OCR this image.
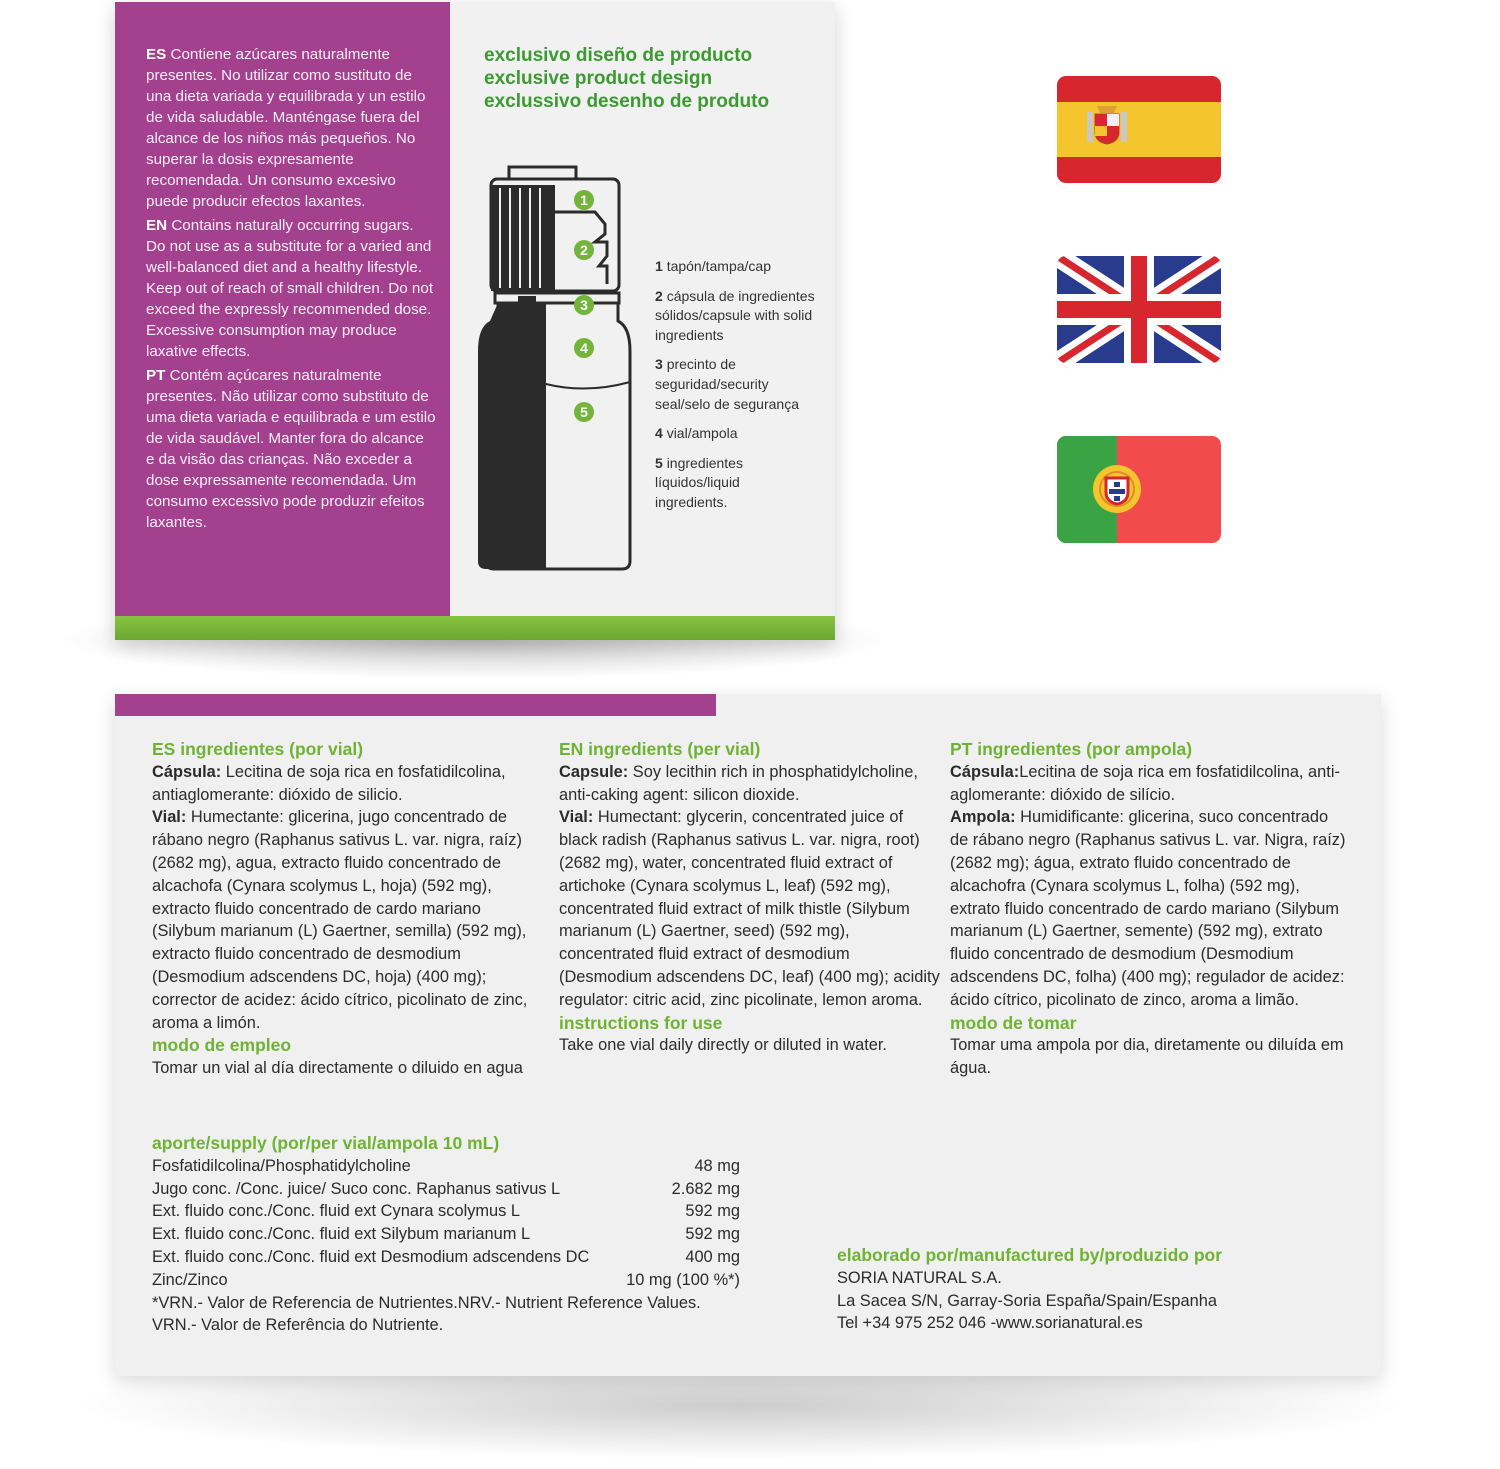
ES Contiene azúcares naturalmente presentes. No utilizar como sustituto de una dieta variada y equilibrada y un estilo de vida saludable. Manténgase fuera del alcance de los niños más pequeños. No superar la dosis expresamente recomendada. Un consumo excesivo puede producir efectos laxantes.

EN Contains naturally occurring sugars. Do not use as a substitute for a varied and well-balanced diet and a healthy lifestyle. Keep out of reach of small children. Do not exceed the expressly recommended dose. Excessive consumption may produce laxative effects.

PT Contém açúcares naturalmente presentes. Não utilizar como substituto de uma dieta variada e equilibrada e um estilo de vida saudável. Manter fora do alcance e da visão das crianças. Não exceder a dose expressamente recomendada. Um consumo excessivo pode produzir efeitos laxantes.

exclusivo diseño de producto
exclusive product design
exclussivo desenho de produto
1
2
3
4
5
1 tapón/tampa/cap
2 cápsula de ingredientes sólidos/capsule with solid ingredients
3 precinto de seguridad/security seal/selo de segurança
4 vial/ampola
5 ingredientes líquidos/liquid ingredients.
ES ingredientes (por vial)
Cápsula: Lecitina de soja rica en fosfatidilcolina, antiaglomerante: dióxido de silicio.
Vial: Humectante: glicerina, jugo concentrado de rábano negro (Raphanus sativus L. var. nigra, raíz) (2682 mg), agua, extracto fluido concentrado de alcachofa (Cynara scolymus L, hoja) (592 mg), extracto fluido concentrado de cardo mariano (Silybum marianum (L) Gaertner, semilla) (592 mg), extracto fluido concentrado de desmodium (Desmodium adscendens DC, hoja) (400 mg); corrector de acidez: ácido cítrico, picolinato de zinc, aroma a limón.
modo de empleo
Tomar un vial al día directamente o diluido en agua
EN ingredients (per vial)
Capsule: Soy lecithin rich in phosphatidylcholine, anti-caking agent: silicon dioxide.
Vial: Humectant: glycerin, concentrated juice of black radish (Raphanus sativus L. var. nigra, root) (2682 mg), water, concentrated fluid extract of artichoke (Cynara scolymus L, leaf) (592 mg), concentrated fluid extract of milk thistle (Silybum marianum (L) Gaertner, seed) (592 mg), concentrated fluid extract of desmodium (Desmodium adscendens DC, leaf) (400 mg); acidity regulator: citric acid, zinc picolinate, lemon aroma.
instructions for use
Take one vial daily directly or diluted in water.
PT ingredientes (por ampola)
Cápsula:Lecitina de soja rica em fosfatidilcolina, anti-aglomerante: dióxido de silício.
Ampola: Humidificante: glicerina, suco concentrado de rábano negro (Raphanus sativus L. var. Nigra, raíz) (2682 mg); água, extrato fluido concentrado de alcachofra (Cynara scolymus L, folha) (592 mg), extrato fluido concentrado de cardo mariano (Silybum marianum (L) Gaertner, semente) (592 mg), extrato fluido concentrado de desmodium (Desmodium adscendens DC, folha) (400 mg); regulador de acidez: ácido cítrico, picolinato de zinco, aroma a limão.
modo de tomar
Tomar uma ampola por dia, diretamente ou diluída em água.
aporte/supply (por/per vial/ampola 10 mL)
Fosfatidilcolina/Phosphatidylcholine	48 mg
Jugo conc. /Conc. juice/ Suco conc. Raphanus sativus L	2.682 mg
Ext. fluido conc./Conc. fluid ext Cynara scolymus L	592 mg
Ext. fluido conc./Conc. fluid ext Silybum marianum L	592 mg
Ext. fluido conc./Conc. fluid ext Desmodium adscendens DC	400 mg
Zinc/Zinco	10 mg (100 %*)
*VRN.- Valor de Referencia de Nutrientes.NRV.- Nutrient Reference Values.
VRN.- Valor de Referência do Nutriente.
elaborado por/manufactured by/produzido por
SORIA NATURAL S.A.
La Sacea S/N, Garray-Soria España/Spain/Espanha
Tel +34 975 252 046 -www.sorianatural.es
